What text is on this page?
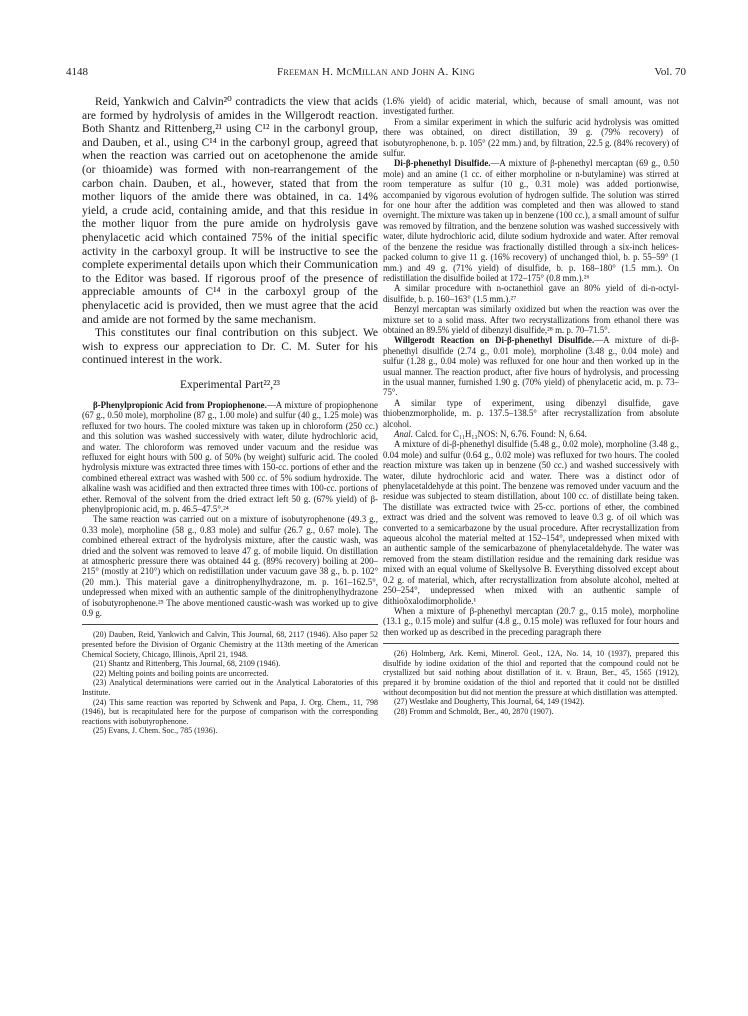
4148	Freeman H. McMillan and John A. King	Vol. 70

Reid, Yankwich and Calvin²⁰ contradicts the view that acids are formed by hydrolysis of amides in the Willgerodt reaction. Both Shantz and Rittenberg,²¹ using C¹² in the carbonyl group, and Dauben, et al., using C¹⁴ in the carbonyl group, agreed that when the reaction was carried out on acetophenone the amide (or thioamide) was formed with non-rearrangement of the carbon chain. Dauben, et al., however, stated that from the mother liquors of the amide there was obtained, in ca. 14% yield, a crude acid, containing amide, and that this residue in the mother liquor from the pure amide on hydrolysis gave phenylacetic acid which contained 75% of the initial specific activity in the carboxyl group. It will be instructive to see the complete experimental details upon which their Communication to the Editor was based. If rigorous proof of the presence of appreciable amounts of C¹⁴ in the carboxyl group of the phenylacetic acid is provided, then we must agree that the acid and amide are not formed by the same mechanism.

This constitutes our final contribution on this subject. We wish to express our appreciation to Dr. C. M. Suter for his continued interest in the work.

Experimental Part²²,²³

β-Phenylpropionic Acid from Propiophenone.—A mixture of propiophenone (67 g., 0.50 mole), morpholine (87 g., 1.00 mole) and sulfur (40 g., 1.25 mole) was refluxed for two hours. The cooled mixture was taken up in chloroform (250 cc.) and this solution was washed successively with water, dilute hydrochloric acid, and water. The chloroform was removed under vacuum and the residue was refluxed for eight hours with 500 g. of 50% (by weight) sulfuric acid. The cooled hydrolysis mixture was extracted three times with 150-cc. portions of ether and the combined ethereal extract was washed with 500 cc. of 5% sodium hydroxide. The alkaline wash was acidified and then extracted three times with 100-cc. portions of ether. Removal of the solvent from the dried extract left 50 g. (67% yield) of β-phenylpropionic acid, m. p. 46.5–47.5°.²⁴

The same reaction was carried out on a mixture of isobutyrophenone (49.3 g., 0.33 mole), morpholine (58 g., 0.83 mole) and sulfur (26.7 g., 0.67 mole). The combined ethereal extract of the hydrolysis mixture, after the caustic wash, was dried and the solvent was removed to leave 47 g. of mobile liquid. On distillation at atmospheric pressure there was obtained 44 g. (89% recovery) boiling at 200–215° (mostly at 210°) which on redistillation under vacuum gave 38 g., b. p. 102° (20 mm.). This material gave a dinitrophenylhydrazone, m. p. 161–162.5°, undepressed when mixed with an authentic sample of the dinitrophenylhydrazone of isobutyrophenone.²⁵ The above mentioned caustic-wash was worked up to give 0.9 g.

(20) Dauben, Reid, Yankwich and Calvin, This Journal, 68, 2117 (1946). Also paper 52 presented before the Division of Organic Chemistry at the 113th meeting of the American Chemical Society, Chicago, Illinois, April 21, 1948.

(21) Shantz and Rittenberg, This Journal, 68, 2109 (1946).

(22) Melting points and boiling points are uncorrected.

(23) Analytical determinations were carried out in the Analytical Laboratories of this Institute.

(24) This same reaction was reported by Schwenk and Papa, J. Org. Chem., 11, 798 (1946), but is recapitulated here for the purpose of comparison with the corresponding reactions with isobutyrophenone.

(25) Evans, J. Chem. Soc., 785 (1936).

(1.6% yield) of acidic material, which, because of small amount, was not investigated further.

From a similar experiment in which the sulfuric acid hydrolysis was omitted there was obtained, on direct distillation, 39 g. (79% recovery) of isobutyrophenone, b. p. 105° (22 mm.) and, by filtration, 22.5 g. (84% recovery) of sulfur.

Di-β-phenethyl Disulfide.—A mixture of β-phenethyl mercaptan (69 g., 0.50 mole) and an amine (1 cc. of either morpholine or n-butylamine) was stirred at room temperature as sulfur (10 g., 0.31 mole) was added portionwise, accompanied by vigorous evolution of hydrogen sulfide. The solution was stirred for one hour after the addition was completed and then was allowed to stand overnight. The mixture was taken up in benzene (100 cc.), a small amount of sulfur was removed by filtration, and the benzene solution was washed successively with water, dilute hydrochloric acid, dilute sodium hydroxide and water. After removal of the benzene the residue was fractionally distilled through a six-inch helices-packed column to give 11 g. (16% recovery) of unchanged thiol, b. p. 55–59° (1 mm.) and 49 g. (71% yield) of disulfide, b. p. 168–180° (1.5 mm.). On redistillation the disulfide boiled at 172–175° (0.8 mm.).²⁶

A similar procedure with n-octanethiol gave an 80% yield of di-n-octyl-disulfide, b. p. 160–163° (1.5 mm.).²⁷

Benzyl mercaptan was similarly oxidized but when the reaction was over the mixture set to a solid mass. After two recrystallizations from ethanol there was obtained an 89.5% yield of dibenzyl disulfide,²⁸ m. p. 70–71.5°.

Willgerodt Reaction on Di-β-phenethyl Disulfide.—A mixture of di-β-phenethyl disulfide (2.74 g., 0.01 mole), morpholine (3.48 g., 0.04 mole) and sulfur (1.28 g., 0.04 mole) was refluxed for one hour and then worked up in the usual manner. The reaction product, after five hours of hydrolysis, and processing in the usual manner, furnished 1.90 g. (70% yield) of phenylacetic acid, m. p. 73–75°.

A similar type of experiment, using dibenzyl disulfide, gave thiobenzmorpholide, m. p. 137.5–138.5° after recrystallization from absolute alcohol.

Anal. Calcd. for C₁₁H₁₃NOS: N, 6.76. Found: N, 6.64.

A mixture of di-β-phenethyl disulfide (5.48 g., 0.02 mole), morpholine (3.48 g., 0.04 mole) and sulfur (0.64 g., 0.02 mole) was refluxed for two hours. The cooled reaction mixture was taken up in benzene (50 cc.) and washed successively with water, dilute hydrochloric acid and water. There was a distinct odor of phenylacetaldehyde at this point. The benzene was removed under vacuum and the residue was subjected to steam distillation, about 100 cc. of distillate being taken. The distillate was extracted twice with 25-cc. portions of ether, the combined extract was dried and the solvent was removed to leave 0.3 g. of oil which was converted to a semicarbazone by the usual procedure. After recrystallization from aqueous alcohol the material melted at 152–154°, undepressed when mixed with an authentic sample of the semicarbazone of phenylacetaldehyde. The water was removed from the steam distillation residue and the remaining dark residue was mixed with an equal volume of Skellysolve B. Everything dissolved except about 0.2 g. of material, which, after recrystallization from absolute alcohol, melted at 250–254°, undepressed when mixed with an authentic sample of dithioöxalodimorpholide.¹

When a mixture of β-phenethyl mercaptan (20.7 g., 0.15 mole), morpholine (13.1 g., 0.15 mole) and sulfur (4.8 g., 0.15 mole) was refluxed for four hours and then worked up as described in the preceding paragraph there

(26) Holmberg, Ark. Kemi, Minerol. Geol., 12A, No. 14, 10 (1937), prepared this disulfide by iodine oxidation of the thiol and reported that the compound could not be crystallized but said nothing about distillation of it. v. Braun, Ber., 45, 1565 (1912), prepared it by bromine oxidation of the thiol and reported that it could not be distilled without decomposition but did not mention the pressure at which distillation was attempted.

(27) Westlake and Dougherty, This Journal, 64, 149 (1942).

(28) Fromm and Schmoldt, Ber., 40, 2870 (1907).
